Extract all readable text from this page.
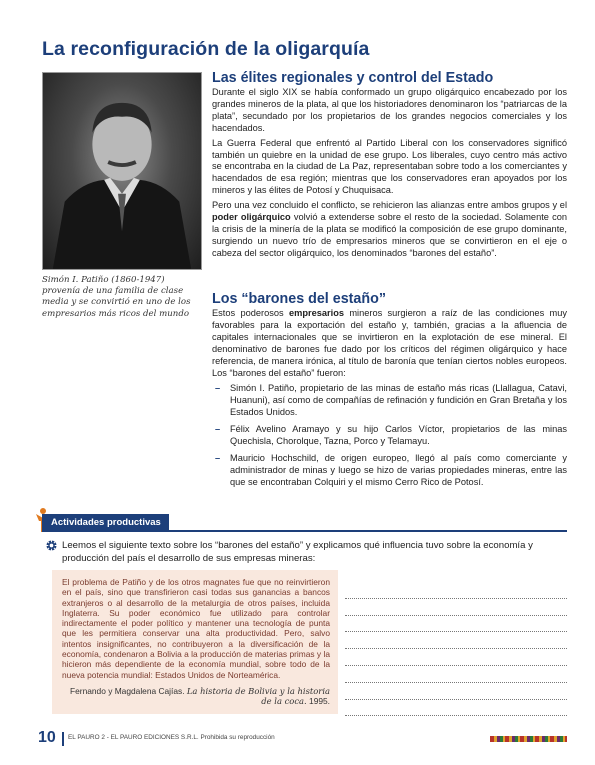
La reconfiguración de la oligarquía
Simón I. Patiño (1860-1947) provenía de una familia de clase media y se convirtió en uno de los empresarios más ricos del mundo
Las élites regionales y control del Estado

Durante el siglo XIX se había conformado un grupo oligárquico encabezado por los grandes mineros de la plata, al que los historiadores denominaron los “patriarcas de la plata”, secundado por los propietarios de los grandes negocios comerciales y los hacendados.

La Guerra Federal que enfrentó al Partido Liberal con los conservadores significó también un quiebre en la unidad de ese grupo. Los liberales, cuyo centro más activo se encontraba en la ciudad de La Paz, representaban sobre todo a los comerciantes y hacendados de esa región; mientras que los conservadores eran apoyados por los mineros y las élites de Potosí y Chuquisaca.

Pero una vez concluido el conflicto, se rehicieron las alianzas entre ambos grupos y el poder oligárquico volvió a extenderse sobre el resto de la sociedad. Solamente con la crisis de la minería de la plata se modificó la composición de ese grupo dominante, surgiendo un nuevo trío de empresarios mineros que se convirtieron en el eje o cabeza del sector oligárquico, los denominados “barones del estaño”.

Los “barones del estaño”

Estos poderosos empresarios mineros surgieron a raíz de las condiciones muy favorables para la exportación del estaño y, también, gracias a la afluencia de capitales internacionales que se invirtieron en la explotación de ese mineral. El denominativo de barones fue dado por los críticos del régimen oligárquico y hace referencia, de manera irónica, al título de baronía que tenían ciertos nobles europeos. Los “barones del estaño” fueron:

– Simón I. Patiño, propietario de las minas de estaño más ricas (Llallagua, Catavi, Huanuni), así como de compañías de refinación y fundición en Gran Bretaña y los Estados Unidos.
– Félix Avelino Aramayo y su hijo Carlos Víctor, propietarios de las minas Quechisla, Chorolque, Tazna, Porco y Telamayu.
– Mauricio Hochschild, de origen europeo, llegó al país como comerciante y administrador de minas y luego se hizo de varias propiedades mineras, entre las que se encontraban Colquiri y el mismo Cerro Rico de Potosí.
Actividades productivas
Leemos el siguiente texto sobre los “barones del estaño” y explicamos qué influencia tuvo sobre la economía y producción del país el desarrollo de sus empresas mineras:

El problema de Patiño y de los otros magnates fue que no reinvirtieron en el país, sino que transfirieron casi todas sus ganancias a bancos extranjeros o al desarrollo de la metalurgia de otros países, incluida Inglaterra. Su poder económico fue utilizado para controlar indirectamente el poder político y mantener una tecnología de punta que les permitiera conservar una alta productividad. Pero, salvo intentos insignificantes, no contribuyeron a la diversificación de la economía, condenaron a Bolivia a la producción de materias primas y la hicieron más dependiente de la economía mundial, sobre todo de la nueva potencia mundial: Estados Unidos de Norteamérica.

Fernando y Magdalena Cajías. La historia de Bolivia y la historia de la coca. 1995.

10 EL PAURO 2 - EL PAURO EDICIONES S.R.L. Prohibida su reproducción
